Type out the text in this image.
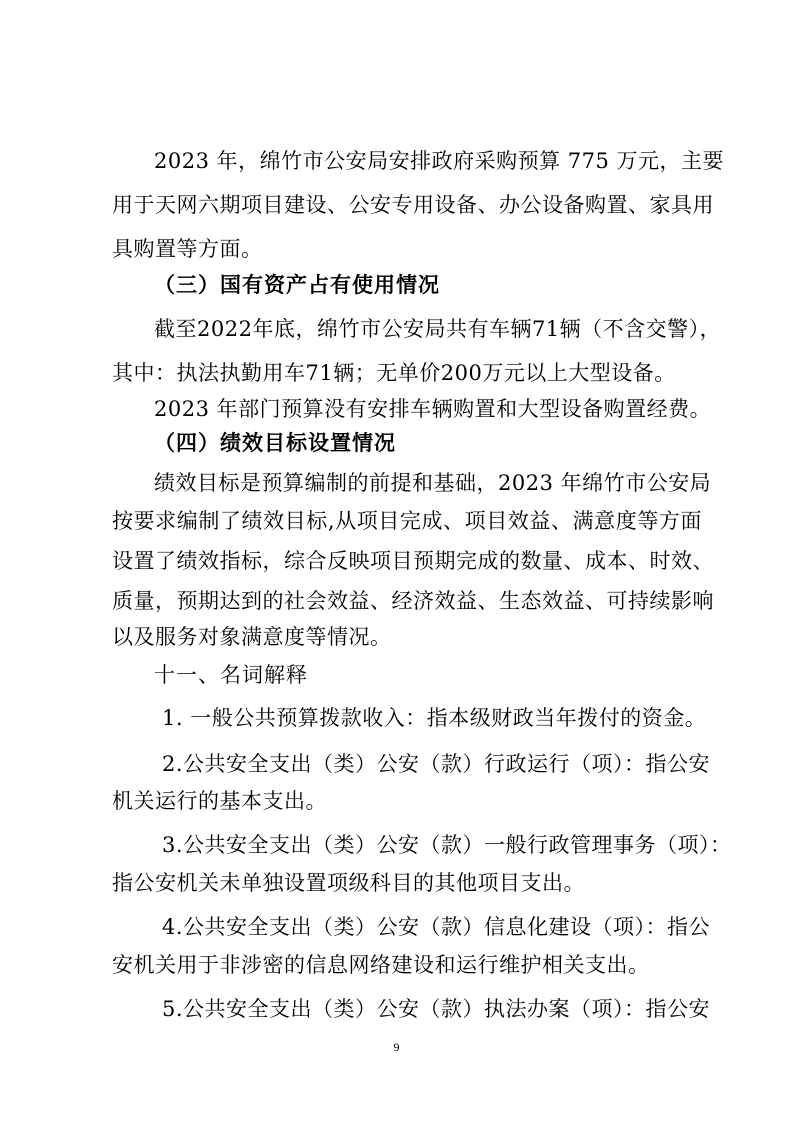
2023 年，绵竹市公安局安排政府采购预算 775 万元，主要
用于天网六期项目建设、公安专用设备、办公设备购置、家具用
具购置等方面。
（三）国有资产占有使用情况
截至2022年底，绵竹市公安局共有车辆71辆（不含交警），
其中：执法执勤用车71辆；无单价200万元以上大型设备。
2023 年部门预算没有安排车辆购置和大型设备购置经费。
（四）绩效目标设置情况
绩效目标是预算编制的前提和基础，2023 年绵竹市公安局
按要求编制了绩效目标,从项目完成、项目效益、满意度等方面
设置了绩效指标，综合反映项目预期完成的数量、成本、时效、
质量，预期达到的社会效益、经济效益、生态效益、可持续影响
以及服务对象满意度等情况。
十一、名词解释
1. 一般公共预算拨款收入：指本级财政当年拨付的资金。
2.公共安全支出（类）公安（款）行政运行（项）：指公安
机关运行的基本支出。
3.公共安全支出（类）公安（款）一般行政管理事务（项）：
指公安机关未单独设置项级科目的其他项目支出。
4.公共安全支出（类）公安（款）信息化建设（项）：指公
安机关用于非涉密的信息网络建设和运行维护相关支出。
5.公共安全支出（类）公安（款）执法办案（项）：指公安
9
